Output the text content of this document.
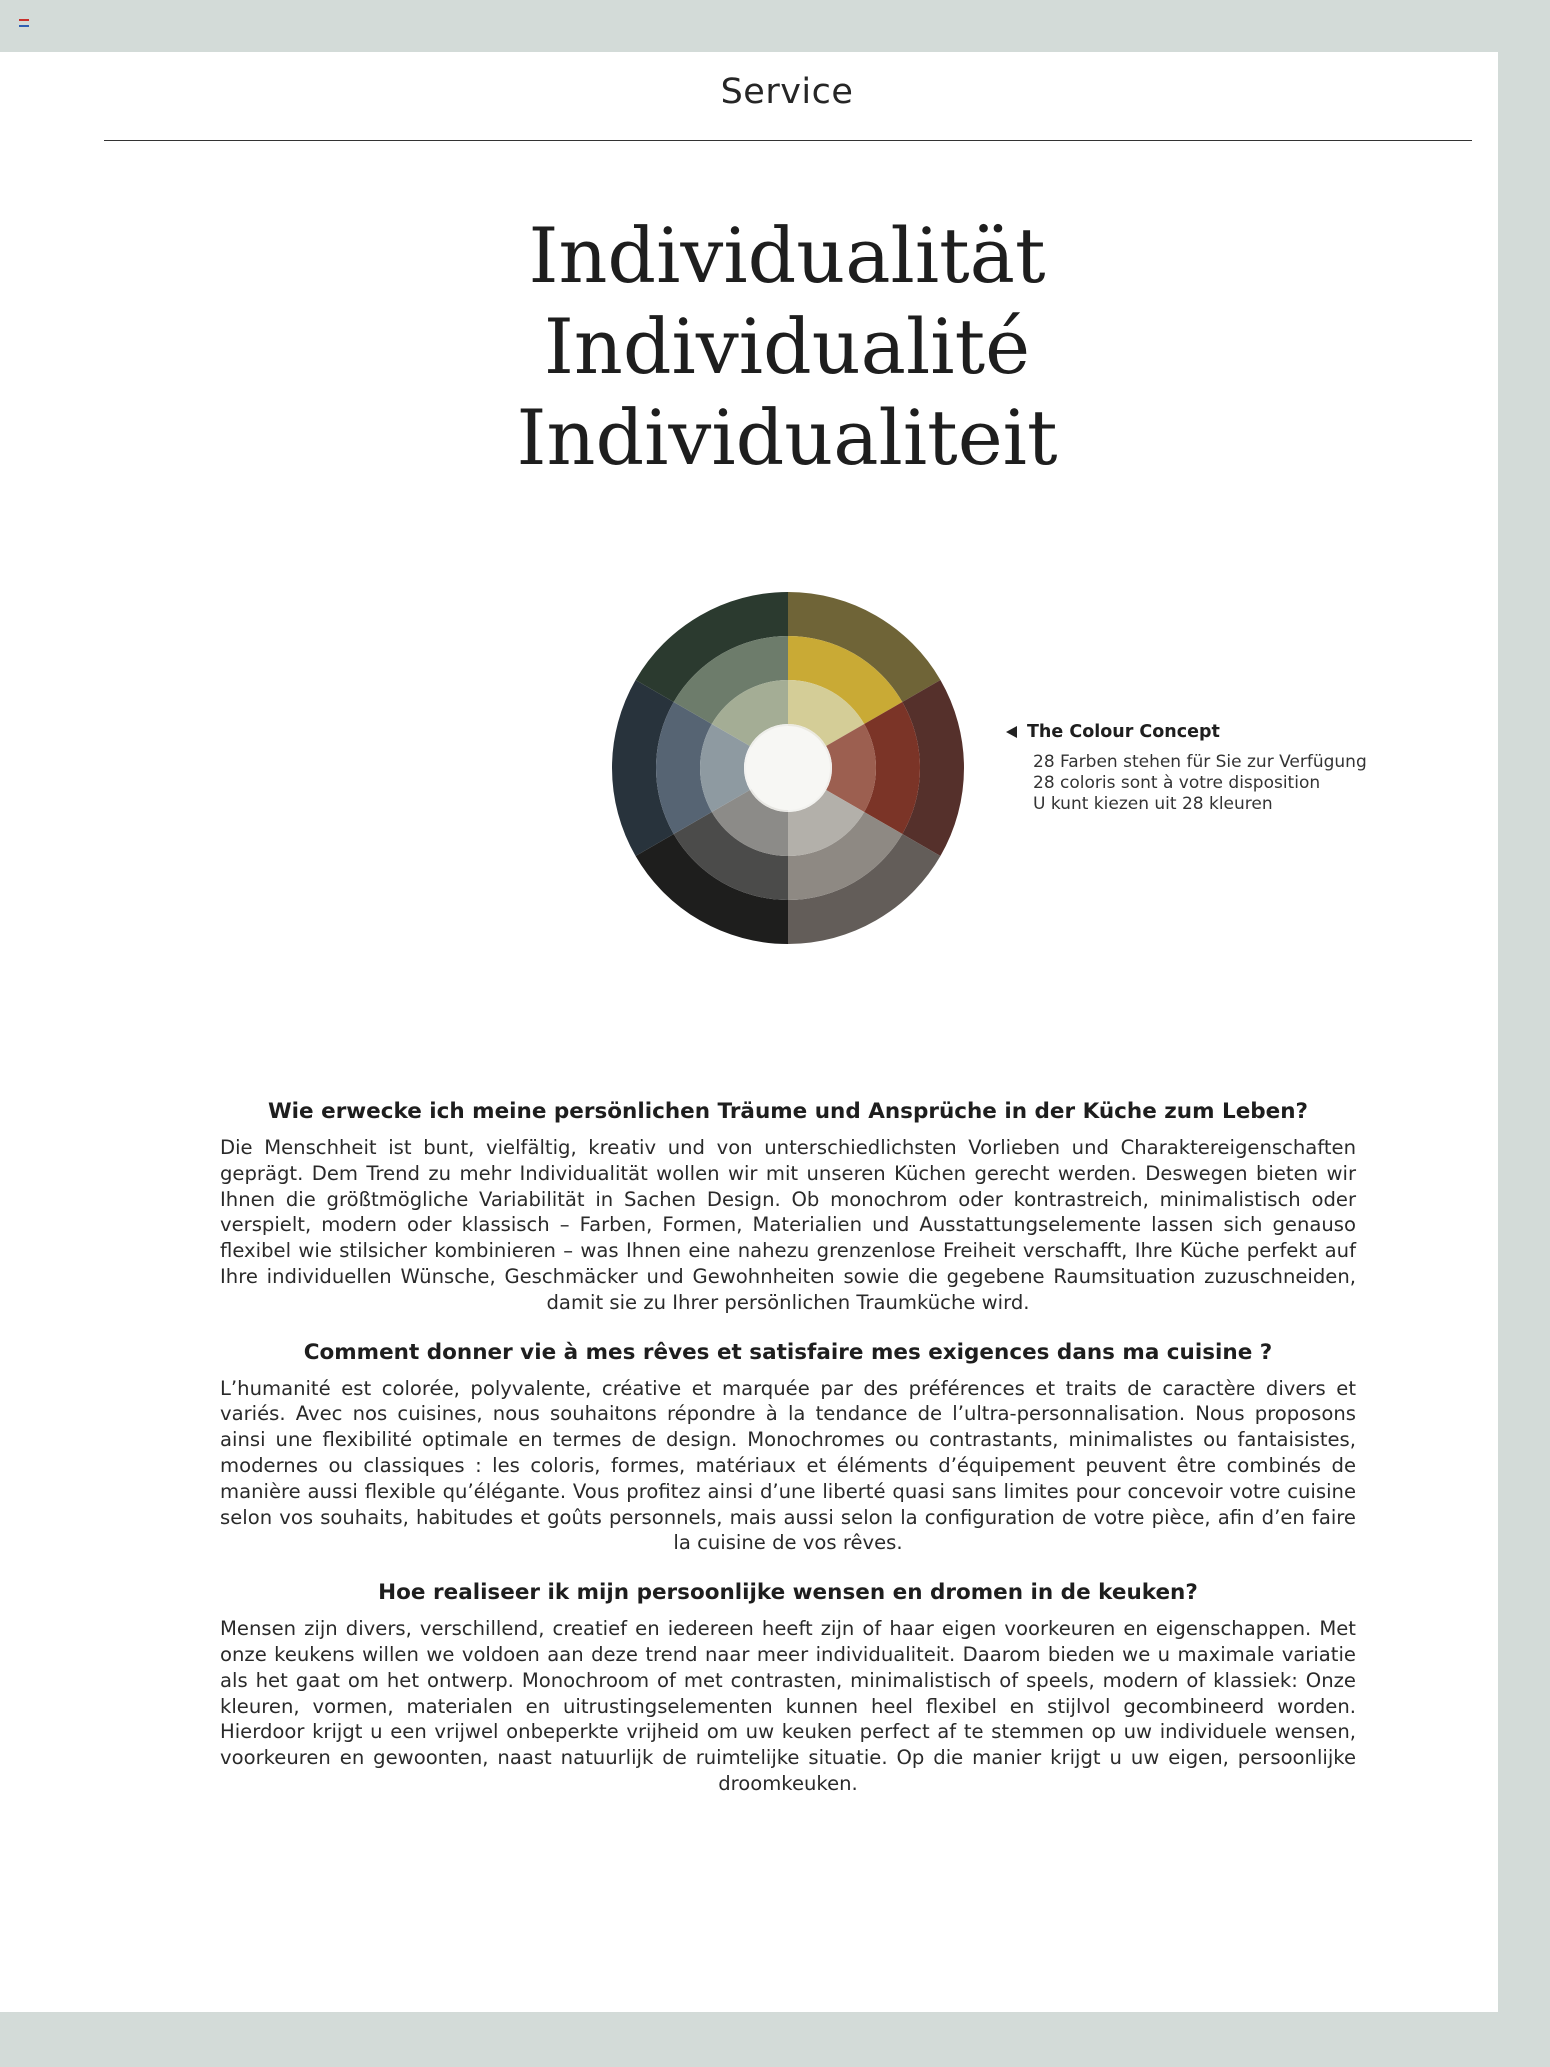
Service
Individualität
Individualité
Individualiteit
The Colour Concept
28 Farben stehen für Sie zur Verfügung
28 coloris sont à votre disposition
U kunt kiezen uit 28 kleuren
Wie erwecke ich meine persönlichen Träume und Ansprüche in der Küche zum Leben?
Die Menschheit ist bunt, vielfältig, kreativ und von unterschiedlichsten Vorlieben und Charaktereigenschaften geprägt. Dem Trend zu mehr Individualität wollen wir mit unseren Küchen gerecht werden. Deswegen bieten wir Ihnen die größtmögliche Variabilität in Sachen Design. Ob monochrom oder kontrastreich, minimalistisch oder verspielt, modern oder klassisch – Farben, Formen, Materialien und Ausstattungselemente lassen sich genauso flexibel wie stilsicher kombinieren – was Ihnen eine nahezu grenzenlose Freiheit verschafft, Ihre Küche perfekt auf Ihre individuellen Wünsche, Geschmäcker und Gewohnheiten sowie die gegebene Raumsituation zuzuschneiden, damit sie zu Ihrer persönlichen Traumküche wird.
Comment donner vie à mes rêves et satisfaire mes exigences dans ma cuisine ?
L’humanité est colorée, polyvalente, créative et marquée par des préférences et traits de caractère divers et variés. Avec nos cuisines, nous souhaitons répondre à la tendance de l’ultra-personnalisation. Nous proposons ainsi une flexibilité optimale en termes de design. Monochromes ou contrastants, minimalistes ou fantaisistes, modernes ou classiques : les coloris, formes, matériaux et éléments d’équipement peuvent être combinés de manière aussi flexible qu’élégante. Vous profitez ainsi d’une liberté quasi sans limites pour concevoir votre cuisine selon vos souhaits, habitudes et goûts personnels, mais aussi selon la configuration de votre pièce, afin d’en faire la cuisine de vos rêves.
Hoe realiseer ik mijn persoonlijke wensen en dromen in de keuken?
Mensen zijn divers, verschillend, creatief en iedereen heeft zijn of haar eigen voorkeuren en eigenschappen. Met onze keukens willen we voldoen aan deze trend naar meer individualiteit. Daarom bieden we u maximale variatie als het gaat om het ontwerp. Monochroom of met contrasten, minimalistisch of speels, modern of klassiek: Onze kleuren, vormen, materialen en uitrustingselementen kunnen heel flexibel en stijlvol gecombineerd worden. Hierdoor krijgt u een vrijwel onbeperkte vrijheid om uw keuken perfect af te stemmen op uw individuele wensen, voorkeuren en gewoonten, naast natuurlijk de ruimtelijke situatie. Op die manier krijgt u uw eigen, persoonlijke droomkeuken.
